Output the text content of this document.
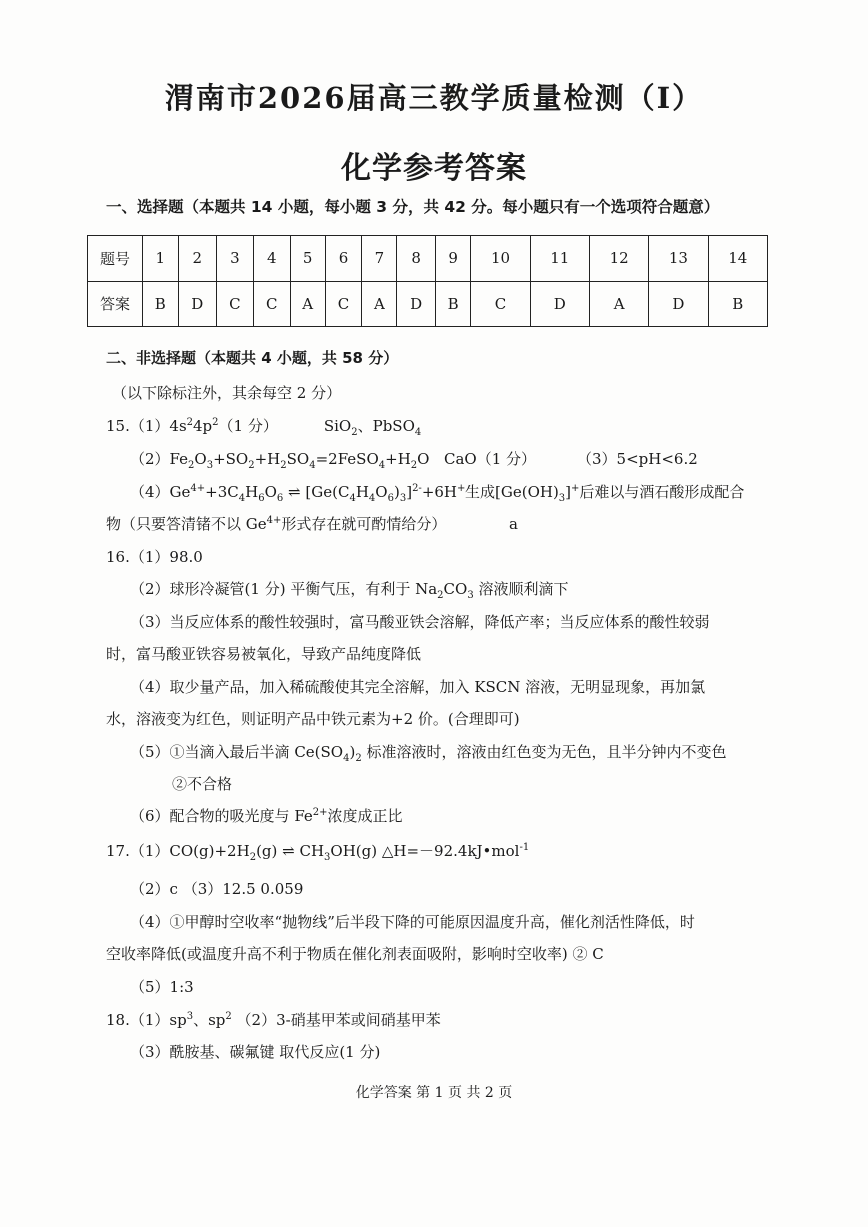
渭南市2026届高三教学质量检测（Ⅰ）
化学参考答案
一、选择题（本题共 14 小题，每小题 3 分，共 42 分。每小题只有一个选项符合题意）
题号	1	2	3	4	5	6	7	8	9	10	11	12	13	14
答案	B	D	C	C	A	C	A	D	B	C	D	A	D	B
二、非选择题（本题共 4 小题，共 58 分）
（以下除标注外，其余每空 2 分）
$15.(1)4s^24p^2(1$ 分）	SiO$_2$、PbSO$_4$
$(2)Fe_2O_3+SO_2+H_2SO_4=2FeSO_4+H_2O$ CaO（1 分）	（3）5<pH<6.2
$(4)Ge^{4+}+3C_4H_6O_6$ ⇌ $[Ge(C_4H_4O_6)_3]^{2-}+6H^+$ 生成$[Ge(OH)_3]^+$后难以与酒石酸形成配合
物（只要答清锗不以 $Ge^{4+}$形式存在就可酌情给分）	a
16.（1）98.0
（2）球形冷凝管(1 分) 平衡气压，有利于 $Na_2CO_3$ 溶液顺利滴下
（3）当反应体系的酸性较强时，富马酸亚铁会溶解，降低产率；当反应体系的酸性较弱
时，富马酸亚铁容易被氧化，导致产品纯度降低
（4）取少量产品，加入稀硫酸使其完全溶解，加入 KSCN 溶液，无明显现象，再加氯
水，溶液变为红色，则证明产品中铁元素为+2 价。(合理即可)
（5）①当滴入最后半滴 $Ce(SO_4)_2$ 标准溶液时，溶液由红色变为无色，且半分钟内不变色
②不合格
（6）配合物的吸光度与 $Fe^{2+}$浓度成正比
$17.(1)CO(g)+2H_2(g)$ ⇌ $CH_3OH(g)$ △H=－92.4kJ•mol$^{-1}$
（2）c （3）12.5 0.059
（4）①甲醇时空收率“抛物线”后半段下降的可能原因温度升高，催化剂活性降低，时
空收率降低(或温度升高不利于物质在催化剂表面吸附，影响时空收率) ② C
（5）1:3
$18.(1)sp^3$、$sp^2$ （2）3-硝基甲苯或间硝基甲苯
（3）酰胺基、碳氟键 取代反应(1 分)
化学答案 第 1 页 共 2 页
